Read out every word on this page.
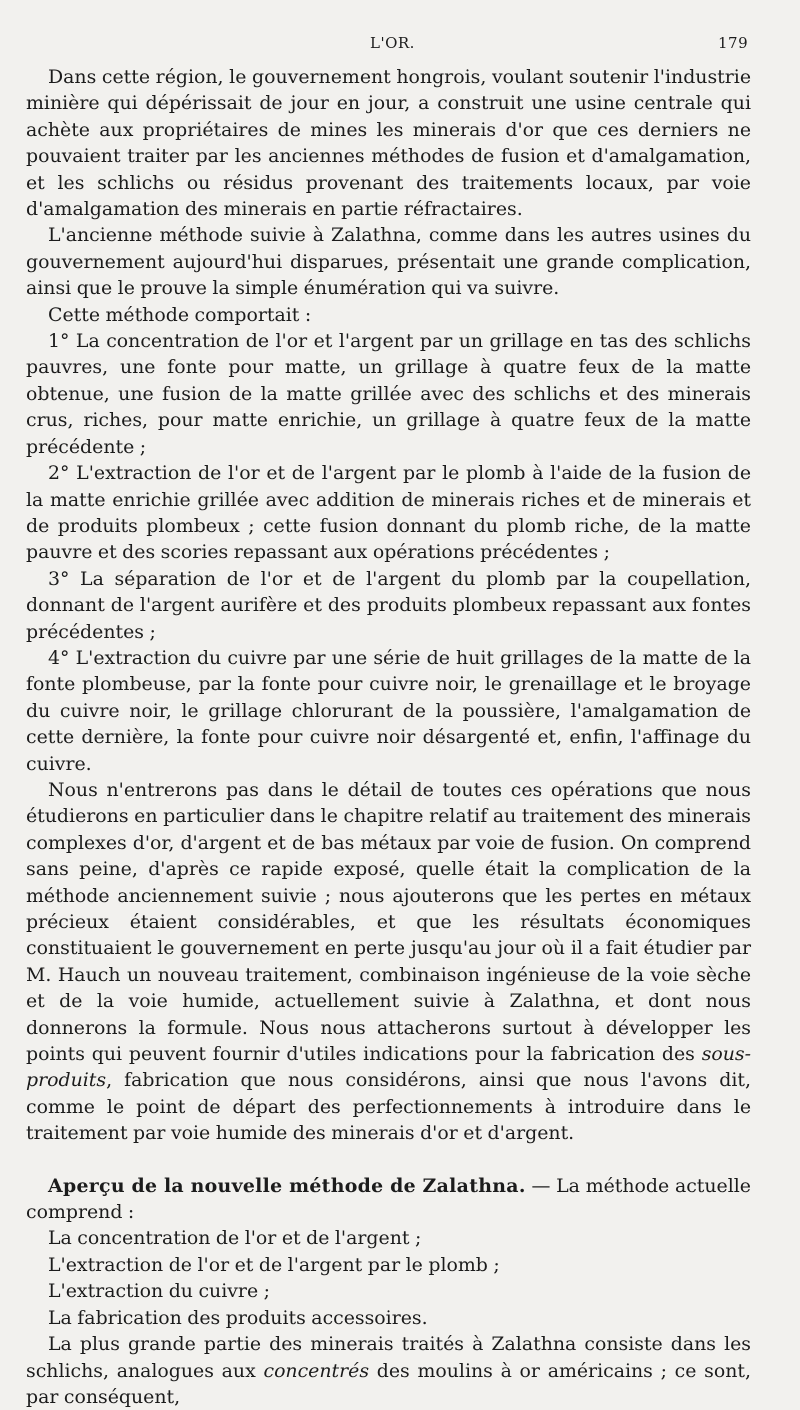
L'OR.	179

Dans cette région, le gouvernement hongrois, voulant soutenir l'industrie minière qui dépérissait de jour en jour, a construit une usine centrale qui achète aux propriétaires de mines les minerais d'or que ces derniers ne pouvaient traiter par les anciennes méthodes de fusion et d'amalgamation, et les schlichs ou résidus provenant des traitements locaux, par voie d'amalgamation des minerais en partie réfractaires.

L'ancienne méthode suivie à Zalathna, comme dans les autres usines du gouvernement aujourd'hui disparues, présentait une grande complication, ainsi que le prouve la simple énumération qui va suivre.

Cette méthode comportait :

1° La concentration de l'or et l'argent par un grillage en tas des schlichs pauvres, une fonte pour matte, un grillage à quatre feux de la matte obtenue, une fusion de la matte grillée avec des schlichs et des minerais crus, riches, pour matte enrichie, un grillage à quatre feux de la matte précédente ;

2° L'extraction de l'or et de l'argent par le plomb à l'aide de la fusion de la matte enrichie grillée avec addition de minerais riches et de minerais et de produits plombeux ; cette fusion donnant du plomb riche, de la matte pauvre et des scories repassant aux opérations précédentes ;

3° La séparation de l'or et de l'argent du plomb par la coupellation, donnant de l'argent aurifère et des produits plombeux repassant aux fontes précédentes ;

4° L'extraction du cuivre par une série de huit grillages de la matte de la fonte plombeuse, par la fonte pour cuivre noir, le grenaillage et le broyage du cuivre noir, le grillage chlorurant de la poussière, l'amalgamation de cette dernière, la fonte pour cuivre noir désargenté et, enfin, l'affinage du cuivre.

Nous n'entrerons pas dans le détail de toutes ces opérations que nous étudierons en particulier dans le chapitre relatif au traitement des minerais complexes d'or, d'argent et de bas métaux par voie de fusion. On comprend sans peine, d'après ce rapide exposé, quelle était la complication de la méthode anciennement suivie ; nous ajouterons que les pertes en métaux précieux étaient considérables, et que les résultats économiques constituaient le gouvernement en perte jusqu'au jour où il a fait étudier par M. Hauch un nouveau traitement, combinaison ingénieuse de la voie sèche et de la voie humide, actuellement suivie à Zalathna, et dont nous donnerons la formule. Nous nous attacherons surtout à développer les points qui peuvent fournir d'utiles indications pour la fabrication des sous-produits, fabrication que nous considérons, ainsi que nous l'avons dit, comme le point de départ des perfectionnements à introduire dans le traitement par voie humide des minerais d'or et d'argent.

Aperçu de la nouvelle méthode de Zalathna. — La méthode actuelle comprend :

La concentration de l'or et de l'argent ;

L'extraction de l'or et de l'argent par le plomb ;

L'extraction du cuivre ;

La fabrication des produits accessoires.

La plus grande partie des minerais traités à Zalathna consiste dans les schlichs, analogues aux concentrés des moulins à or américains ; ce sont, par conséquent,
